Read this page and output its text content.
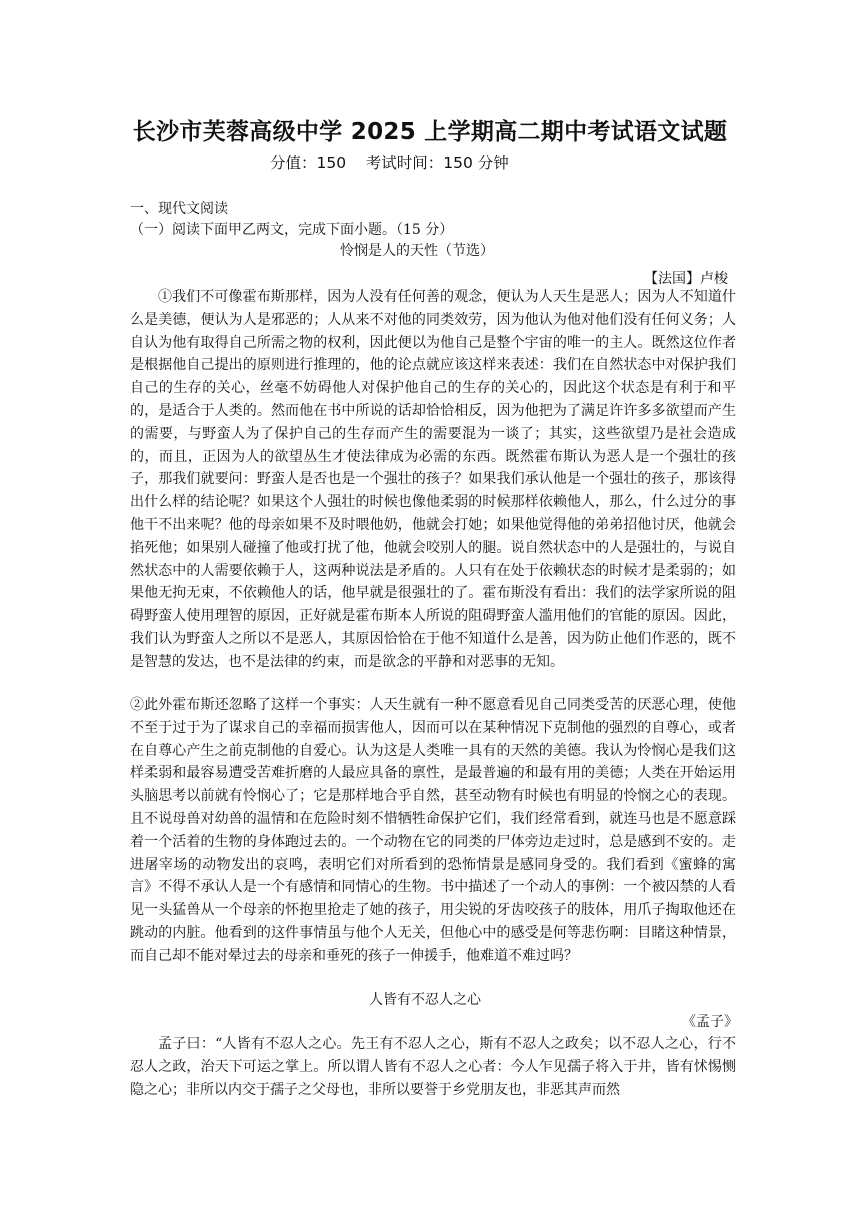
长沙市芙蓉高级中学 2025 上学期高二期中考试语文试题
分值：150    考试时间：150 分钟
一、现代文阅读
（一）阅读下面甲乙两文，完成下面小题。（15 分）
怜悯是人的天性（节选）
【法国】卢梭

①我们不可像霍布斯那样，因为人没有任何善的观念，便认为人天生是恶人；因为人不知道什么是美德，便认为人是邪恶的；人从来不对他的同类效劳，因为他认为他对他们没有任何义务；人自认为他有取得自己所需之物的权利，因此便以为他自己是整个宇宙的唯一的主人。既然这位作者是根据他自己提出的原则进行推理的，他的论点就应该这样来表述：我们在自然状态中对保护我们自己的生存的关心，丝毫不妨碍他人对保护他自己的生存的关心的，因此这个状态是有利于和平的，是适合于人类的。然而他在书中所说的话却恰恰相反，因为他把为了满足许许多多欲望而产生的需要，与野蛮人为了保护自己的生存而产生的需要混为一谈了；其实，这些欲望乃是社会造成的，而且，正因为人的欲望丛生才使法律成为必需的东西。既然霍布斯认为恶人是一个强壮的孩子，那我们就要问：野蛮人是否也是一个强壮的孩子？如果我们承认他是一个强壮的孩子，那该得出什么样的结论呢？如果这个人强壮的时候也像他柔弱的时候那样依赖他人，那么，什么过分的事他干不出来呢？他的母亲如果不及时喂他奶，他就会打她；如果他觉得他的弟弟招他讨厌，他就会掐死他；如果别人碰撞了他或打扰了他，他就会咬别人的腿。说自然状态中的人是强壮的，与说自然状态中的人需要依赖于人，这两种说法是矛盾的。人只有在处于依赖状态的时候才是柔弱的；如果他无拘无束，不依赖他人的话，他早就是很强壮的了。霍布斯没有看出：我们的法学家所说的阻碍野蛮人使用理智的原因，正好就是霍布斯本人所说的阻碍野蛮人滥用他们的官能的原因。因此，我们认为野蛮人之所以不是恶人，其原因恰恰在于他不知道什么是善，因为防止他们作恶的，既不是智慧的发达，也不是法律的约束，而是欲念的平静和对恶事的无知。

②此外霍布斯还忽略了这样一个事实：人天生就有一种不愿意看见自己同类受苦的厌恶心理，使他不至于过于为了谋求自己的幸福而损害他人，因而可以在某种情况下克制他的强烈的自尊心，或者在自尊心产生之前克制他的自爱心。认为这是人类唯一具有的天然的美德。我认为怜悯心是我们这样柔弱和最容易遭受苦难折磨的人最应具备的禀性，是最普遍的和最有用的美德；人类在开始运用头脑思考以前就有怜悯心了；它是那样地合乎自然，甚至动物有时候也有明显的怜悯之心的表现。且不说母兽对幼兽的温情和在危险时刻不惜牺牲命保护它们，我们经常看到，就连马也是不愿意踩着一个活着的生物的身体跑过去的。一个动物在它的同类的尸体旁边走过时，总是感到不安的。走进屠宰场的动物发出的哀鸣，表明它们对所看到的恐怖情景是感同身受的。我们看到《蜜蜂的寓言》不得不承认人是一个有感情和同情心的生物。书中描述了一个动人的事例：一个被囚禁的人看见一头猛兽从一个母亲的怀抱里抢走了她的孩子，用尖锐的牙齿咬孩子的肢体，用爪子掏取他还在跳动的内脏。他看到的这件事情虽与他个人无关，但他心中的感受是何等悲伤啊：目睹这种情景，而自己却不能对晕过去的母亲和垂死的孩子一伸援手，他难道不难过吗？

人皆有不忍人之心
《孟子》

孟子曰：“人皆有不忍人之心。先王有不忍人之心，斯有不忍人之政矣；以不忍人之心，行不忍人之政，治天下可运之掌上。所以谓人皆有不忍人之心者：今人乍见孺子将入于井，皆有怵惕恻隐之心；非所以内交于孺子之父母也，非所以要誉于乡党朋友也，非恶其声而然
